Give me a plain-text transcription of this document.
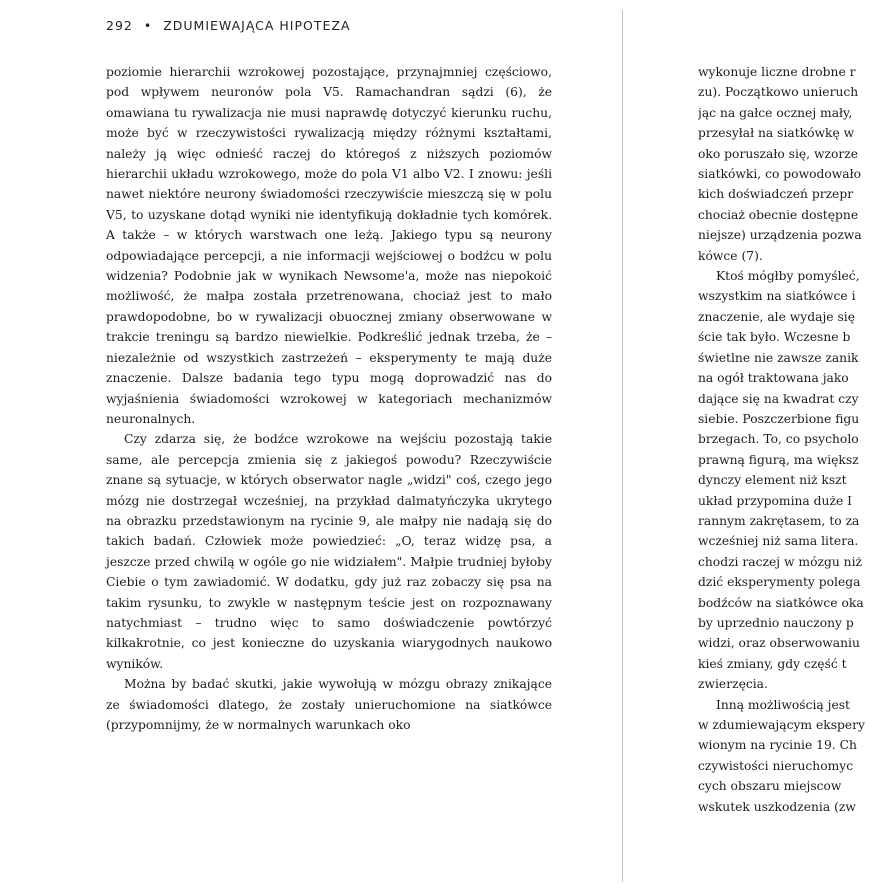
292 • ZDUMIEWAJĄCA HIPOTEZA

poziomie hierarchii wzrokowej pozostające, przynajmniej częściowo, pod wpływem neuronów pola V5. Ramachandran sądzi (6), że omawiana tu rywalizacja nie musi naprawdę dotyczyć kierunku ruchu, może być w rzeczywistości rywalizacją między różnymi kształtami, należy ją więc odnieść raczej do któregoś z niższych poziomów hierarchii układu wzrokowego, może do pola V1 albo V2. I znowu: jeśli nawet niektóre neurony świadomości rzeczywiście mieszczą się w polu V5, to uzyskane dotąd wyniki nie identyfikują dokładnie tych komórek. A także – w których warstwach one leżą. Jakiego typu są neurony odpowiadające percepcji, a nie informacji wejściowej o bodźcu w polu widzenia? Podobnie jak w wynikach Newsome'a, może nas niepokoić możliwość, że małpa została przetrenowana, chociaż jest to mało prawdopodobne, bo w rywalizacji obuocznej zmiany obserwowane w trakcie treningu są bardzo niewielkie. Podkreślić jednak trzeba, że – niezależnie od wszystkich zastrzeżeń – eksperymenty te mają duże znaczenie. Dalsze badania tego typu mogą doprowadzić nas do wyjaśnienia świadomości wzrokowej w kategoriach mechanizmów neuronalnych.

Czy zdarza się, że bodźce wzrokowe na wejściu pozostają takie same, ale percepcja zmienia się z jakiegoś powodu? Rzeczywiście znane są sytuacje, w których obserwator nagle „widzi" coś, czego jego mózg nie dostrzegał wcześniej, na przykład dalmatyńczyka ukrytego na obrazku przedstawionym na rycinie 9, ale małpy nie nadają się do takich badań. Człowiek może powiedzieć: „O, teraz widzę psa, a jeszcze przed chwilą w ogóle go nie widziałem". Małpie trudniej byłoby Ciebie o tym zawiadomić. W dodatku, gdy już raz zobaczy się psa na takim rysunku, to zwykle w następnym teście jest on rozpoznawany natychmiast – trudno więc to samo doświadczenie powtórzyć kilkakrotnie, co jest konieczne do uzyskania wiarygodnych naukowo wyników.

Można by badać skutki, jakie wywołują w mózgu obrazy znikające ze świadomości dlatego, że zostały unieruchomione na siatkówce (przypomnijmy, że w normalnych warunkach oko

wykonuje liczne drobne r
zu). Początkowo unieruch
jąc na gałce ocznej mały,
przesyłał na siatkówkę w
oko poruszało się, wzorze
siatkówki, co powodowało
kich doświadczeń przepr
chociaż obecnie dostępne
niejsze) urządzenia pozwa
kówce (7).
Ktoś mógłby pomyśleć,
wszystkim na siatkówce i
znaczenie, ale wydaje się
ście tak było. Wczesne b
świetlne nie zawsze zanik
na ogół traktowana jako
dające się na kwadrat czy
siebie. Poszczerbione figu
brzegach. To, co psycholo
prawną figurą, ma większ
dynczy element niż kszt
układ przypomina duże I
rannym zakrętasem, to za
wcześniej niż sama litera.
chodzi raczej w mózgu niż
dzić eksperymenty polega
bodźców na siatkówce oka
by uprzednio nauczony p
widzi, oraz obserwowaniu
kieś zmiany, gdy część t
zwierzęcia.
Inną możliwością jest
w zdumiewającym ekspery
wionym na rycinie 19. Ch
czywistości nieruchomyc
cych obszaru miejscow
wskutek uszkodzenia (zw
